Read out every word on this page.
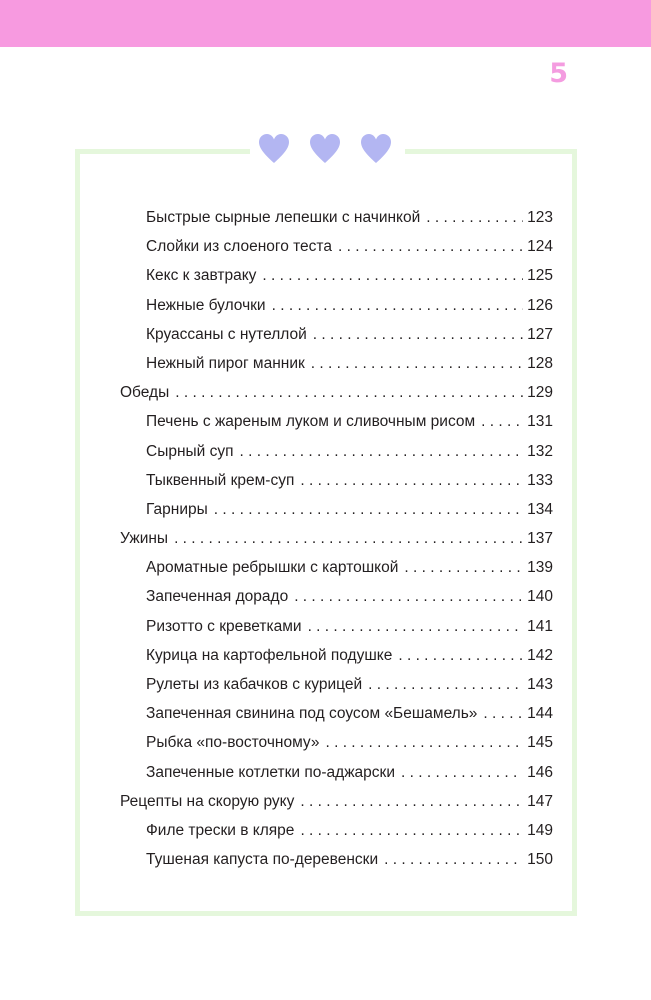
5
Быстрые сырные лепешки с начинкой . . .	123
Слойки из слоеного теста . . .	124
Кекс к завтраку . . .	125
Нежные булочки . . .	126
Круассаны с нутеллой . . .	127
Нежный пирог манник . . .	128
Обеды . . .	129
Печень с жареным луком и сливочным рисом . . .	131
Сырный суп . . .	132
Тыквенный крем-суп . . .	133
Гарниры . . .	134
Ужины . . .	137
Ароматные ребрышки с картошкой . . .	139
Запеченная дорадо . . .	140
Ризотто с креветками . . .	141
Курица на картофельной подушке . . .	142
Рулеты из кабачков с курицей . . .	143
Запеченная свинина под соусом «Бешамель» . . .	144
Рыбка «по-восточному» . . .	145
Запеченные котлетки по-аджарски . . .	146
Рецепты на скорую руку . . .	147
Филе трески в кляре . . .	149
Тушеная капуста по-деревенски . . .	150
